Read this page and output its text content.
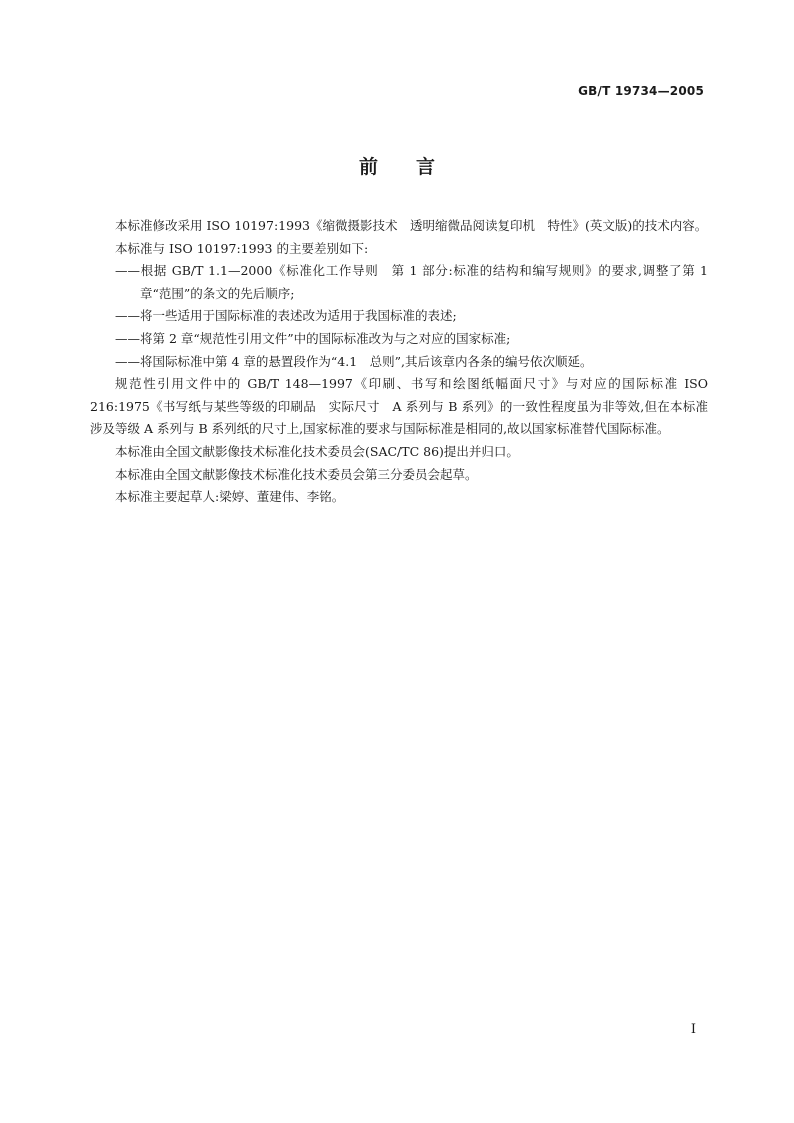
GB/T 19734—2005
前言

本标准修改采用 ISO 10197:1993《缩微摄影技术　透明缩微品阅读复印机　特性》(英文版)的技术内容。

本标准与 ISO 10197:1993 的主要差别如下:

——根据 GB/T 1.1—2000《标准化工作导则　第 1 部分:标准的结构和编写规则》的要求,调整了第 1 章“范围”的条文的先后顺序;

——将一些适用于国际标准的表述改为适用于我国标准的表述;

——将第 2 章“规范性引用文件”中的国际标准改为与之对应的国家标准;

——将国际标准中第 4 章的悬置段作为“4.1　总则”,其后该章内各条的编号依次顺延。

规范性引用文件中的 GB/T 148—1997《印刷、书写和绘图纸幅面尺寸》与对应的国际标准 ISO 216:1975《书写纸与某些等级的印刷品　实际尺寸　A 系列与 B 系列》的一致性程度虽为非等效,但在本标准涉及等级 A 系列与 B 系列纸的尺寸上,国家标准的要求与国际标准是相同的,故以国家标准替代国际标准。

本标准由全国文献影像技术标准化技术委员会(SAC/TC 86)提出并归口。

本标准由全国文献影像技术标准化技术委员会第三分委员会起草。

本标准主要起草人:梁婷、董建伟、李铭。

I
